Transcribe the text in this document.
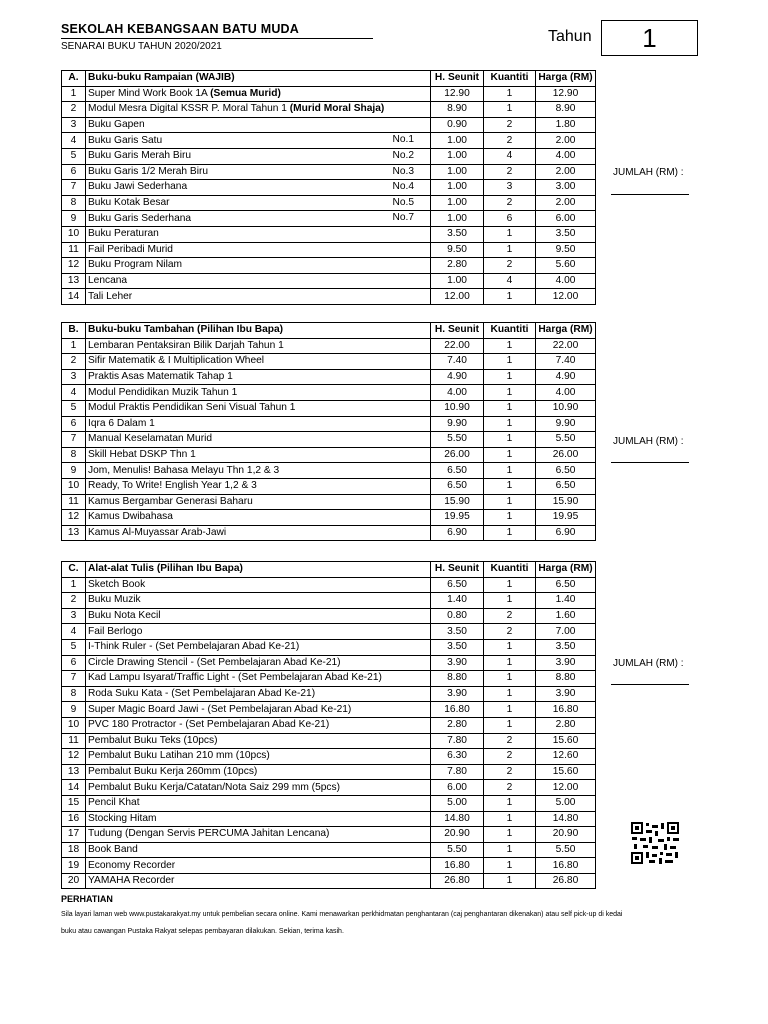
SEKOLAH KEBANGSAAN BATU MUDA
SENARAI BUKU TAHUN 2020/2021
Tahun	1
A.	Buku-buku Rampaian (WAJIB)	H. Seunit	Kuantiti	Harga (RM)
1	Super Mind Work Book 1A (Semua Murid)	12.90	1	12.90
2	Modul Mesra Digital KSSR P. Moral Tahun 1 (Murid Moral Shaja)	8.90	1	8.90
3	Buku Gapen	0.90	2	1.80
4	Buku Garis Satu No.1	1.00	2	2.00
5	Buku Garis Merah Biru No.2	1.00	4	4.00
6	Buku Garis 1/2 Merah Biru No.3	1.00	2	2.00
7	Buku Jawi Sederhana No.4	1.00	3	3.00
8	Buku Kotak Besar No.5	1.00	2	2.00
9	Buku Garis Sederhana No.7	1.00	6	6.00
10	Buku Peraturan	3.50	1	3.50
11	Fail Peribadi Murid	9.50	1	9.50
12	Buku Program Nilam	2.80	2	5.60
13	Lencana	1.00	4	4.00
14	Tali Leher	12.00	1	12.00
B.	Buku-buku Tambahan (Pilihan Ibu Bapa)	H. Seunit	Kuantiti	Harga (RM)
1	Lembaran Pentaksiran Bilik Darjah Tahun 1	22.00	1	22.00
2	Sifir Matematik & I Multiplication Wheel	7.40	1	7.40
3	Praktis Asas Matematik Tahap 1	4.90	1	4.90
4	Modul Pendidikan Muzik Tahun 1	4.00	1	4.00
5	Modul Praktis Pendidikan Seni Visual Tahun 1	10.90	1	10.90
6	Iqra 6 Dalam 1	9.90	1	9.90
7	Manual Keselamatan Murid	5.50	1	5.50
8	Skill Hebat DSKP Thn 1	26.00	1	26.00
9	Jom, Menulis! Bahasa Melayu Thn 1,2 & 3	6.50	1	6.50
10	Ready, To Write! English Year 1,2 & 3	6.50	1	6.50
11	Kamus Bergambar Generasi Baharu	15.90	1	15.90
12	Kamus Dwibahasa	19.95	1	19.95
13	Kamus Al-Muyassar Arab-Jawi	6.90	1	6.90
C.	Alat-alat Tulis (Pilihan Ibu Bapa)	H. Seunit	Kuantiti	Harga (RM)
1	Sketch Book	6.50	1	6.50
2	Buku Muzik	1.40	1	1.40
3	Buku Nota Kecil	0.80	2	1.60
4	Fail Berlogo	3.50	2	7.00
5	I-Think Ruler - (Set Pembelajaran Abad Ke-21)	3.50	1	3.50
6	Circle Drawing Stencil - (Set Pembelajaran Abad Ke-21)	3.90	1	3.90
7	Kad Lampu Isyarat/Traffic Light - (Set Pembelajaran Abad Ke-21)	8.80	1	8.80
8	Roda Suku Kata - (Set Pembelajaran Abad Ke-21)	3.90	1	3.90
9	Super Magic Board Jawi - (Set Pembelajaran Abad Ke-21)	16.80	1	16.80
10	PVC 180 Protractor - (Set Pembelajaran Abad Ke-21)	2.80	1	2.80
11	Pembalut Buku Teks (10pcs)	7.80	2	15.60
12	Pembalut Buku Latihan 210 mm (10pcs)	6.30	2	12.60
13	Pembalut Buku Kerja 260mm (10pcs)	7.80	2	15.60
14	Pembalut Buku Kerja/Catatan/Nota Saiz 299 mm (5pcs)	6.00	2	12.00
15	Pencil Khat	5.00	1	5.00
16	Stocking Hitam	14.80	1	14.80
17	Tudung (Dengan Servis PERCUMA Jahitan Lencana)	20.90	1	20.90
18	Book Band	5.50	1	5.50
19	Economy Recorder	16.80	1	16.80
20	YAMAHA Recorder	26.80	1	26.80
JUMLAH (RM) :
JUMLAH (RM) :
JUMLAH (RM) :
PERHATIAN
Sila layari laman web www.pustakarakyat.my untuk pembelian secara online. Kami menawarkan perkhidmatan penghantaran (caj penghantaran dikenakan) atau self pick-up di kedai buku atau cawangan Pustaka Rakyat selepas pembayaran dilakukan. Sekian, terima kasih.
